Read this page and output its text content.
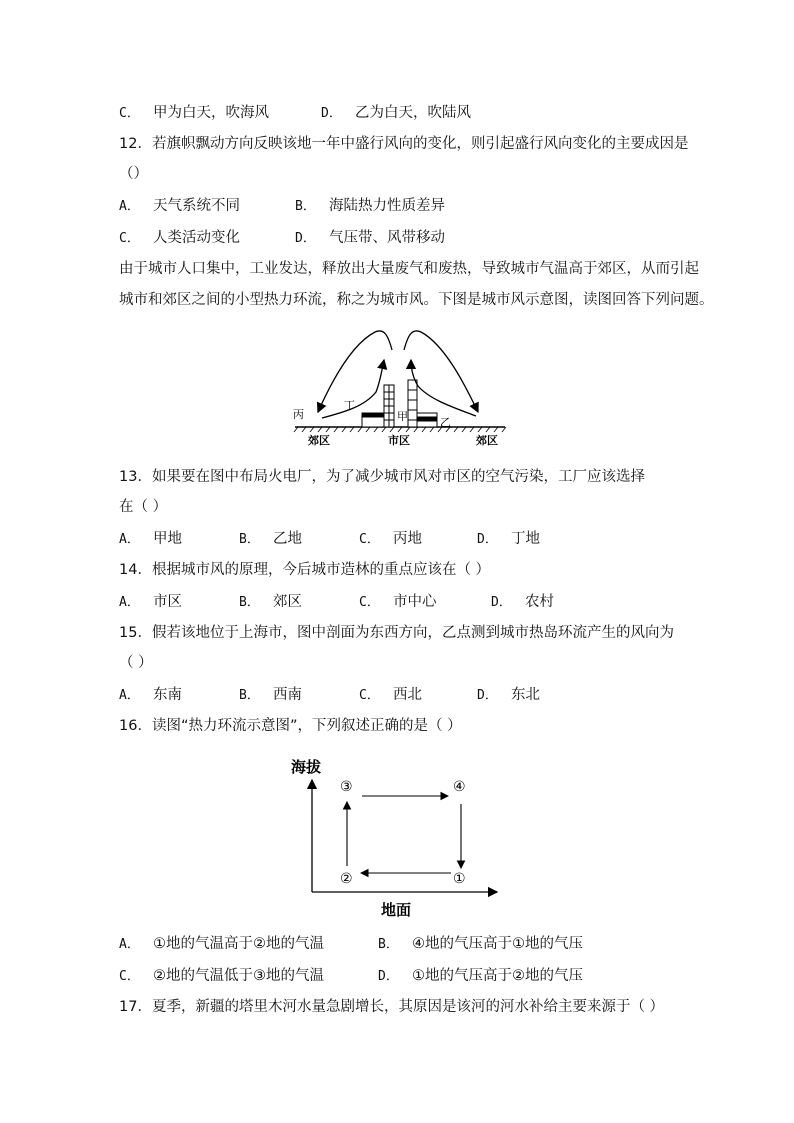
C． 甲为白天，吹海风	D． 乙为白天，吹陆风
12．若旗帜飘动方向反映该地一年中盛行风向的变化，则引起盛行风向变化的主要成因是
（）
A． 天气系统不同	B． 海陆热力性质差异
C． 人类活动变化	D． 气压带、风带移动
由于城市人口集中，工业发达，释放出大量废气和废热，导致城市气温高于郊区，从而引起
城市和郊区之间的小型热力环流，称之为城市风。下图是城市风示意图，读图回答下列问题。
丙
丁
甲	乙
郊区	市区	郊区
13．如果要在图中布局火电厂，为了减少城市风对市区的空气污染，工厂应该选择
在（ ）
A． 甲地	B． 乙地	C． 丙地	D． 丁地
14．根据城市风的原理，今后城市造林的重点应该在（ ）
A． 市区	B． 郊区	C． 市中心	D． 农村
15．假若该地位于上海市，图中剖面为东西方向，乙点测到城市热岛环流产生的风向为
（ ）
A． 东南	B． 西南	C． 西北	D． 东北
16．读图“热力环流示意图”，下列叙述正确的是（ ）
海拔
地面
③	④
①
②
A． ①地的气温高于②地的气温	B． ④地的气压高于①地的气压
C． ②地的气温低于③地的气温	D． ①地的气压高于②地的气压
17．夏季，新疆的塔里木河水量急剧增长，其原因是该河的河水补给主要来源于（ ）
